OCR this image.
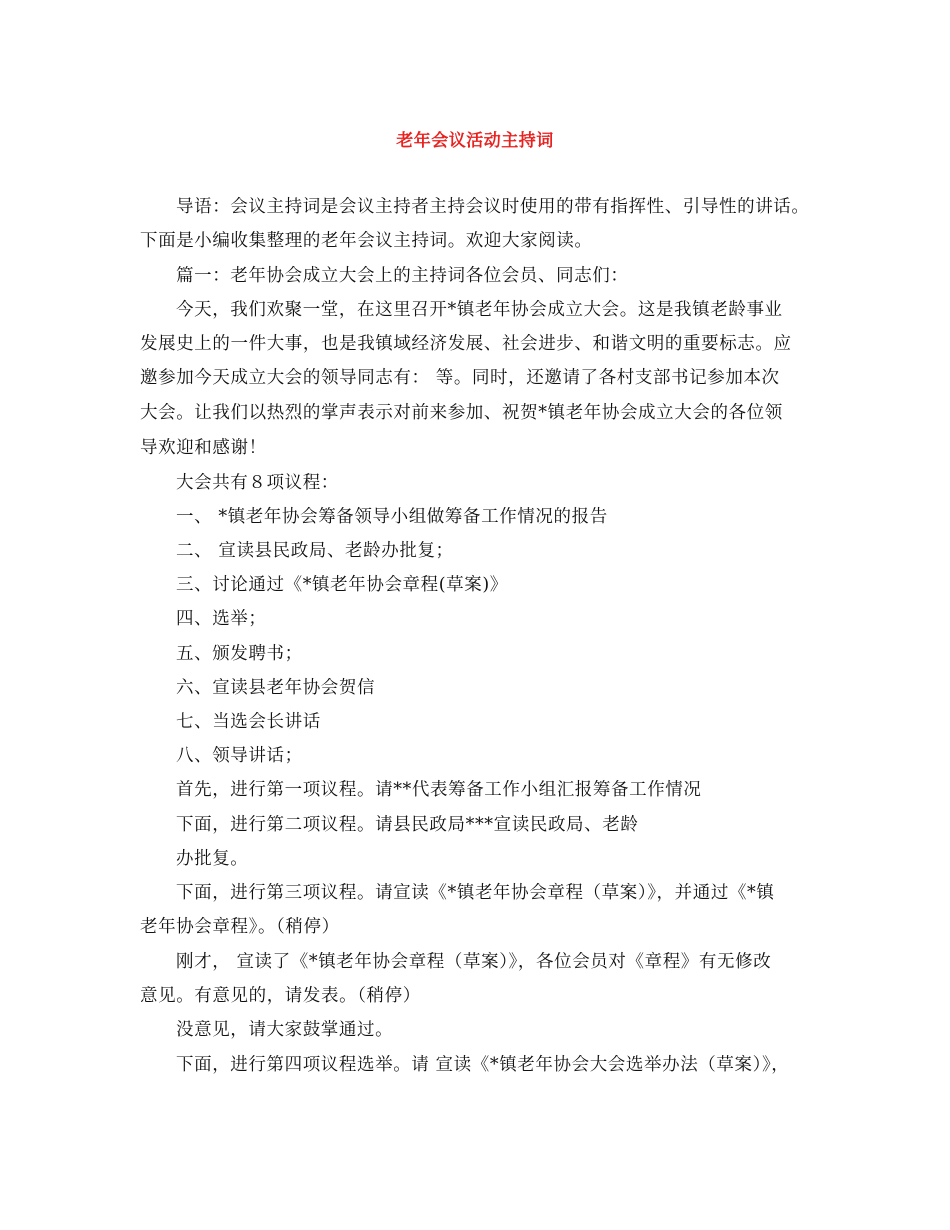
老年会议活动主持词
导语：会议主持词是会议主持者主持会议时使用的带有指挥性、引导性的讲话。
下面是小编收集整理的老年会议主持词。欢迎大家阅读。
篇一：老年协会成立大会上的主持词各位会员、同志们：
今天，我们欢聚一堂，在这里召开*镇老年协会成立大会。这是我镇老龄事业
发展史上的一件大事，也是我镇域经济发展、社会进步、和谐文明的重要标志。应
邀参加今天成立大会的领导同志有： 等。同时，还邀请了各村支部书记参加本次
大会。让我们以热烈的掌声表示对前来参加、祝贺*镇老年协会成立大会的各位领
导欢迎和感谢！
大会共有８项议程：
一、 *镇老年协会筹备领导小组做筹备工作情况的报告
二、 宣读县民政局、老龄办批复；
三、讨论通过《*镇老年协会章程(草案)》
四、选举；
五、颁发聘书；
六、宣读县老年协会贺信
七、当选会长讲话
八、领导讲话；
首先，进行第一项议程。请**代表筹备工作小组汇报筹备工作情况
下面，进行第二项议程。请县民政局***宣读民政局、老龄
办批复。
下面，进行第三项议程。请宣读《*镇老年协会章程（草案）》，并通过《*镇
老年协会章程》。（稍停）
刚才， 宣读了《*镇老年协会章程（草案）》，各位会员对《章程》有无修改
意见。有意见的，请发表。（稍停）
没意见，请大家鼓掌通过。
下面，进行第四项议程选举。请 宣读《*镇老年协会大会选举办法（草案）》，
